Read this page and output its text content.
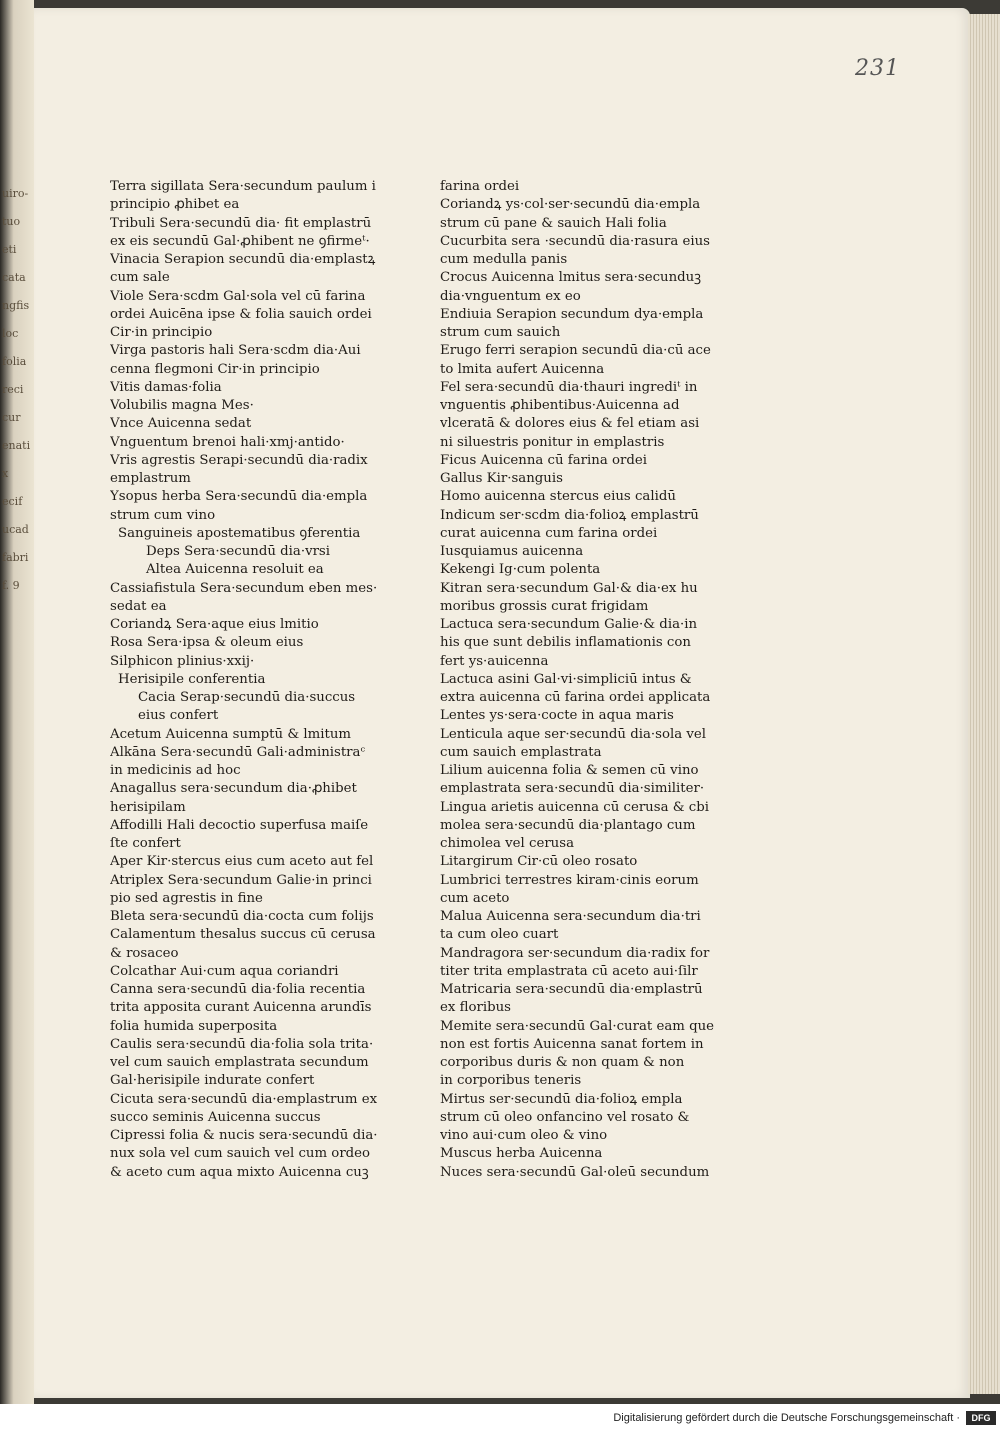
uiro-
tuo
eti
cata
ngfis
loc
folia
reci
cur
enati
x
ecif
ucad
fabri
f. 9
231
Terra sigillata Sera·secundum paulum i
principio ꝓhibet ea
Tribuli Sera·secundū dia· fit emplastrū
ex eis secundū Gal·ꝓhibent ne ꝯfirmeᵗ·
Vinacia Serapion secundū dia·emplastꝝ
cum sale
Viole Sera·scd̄m Gal·sola vel cū farina
ordei Auicēna ipse & folia sauich ordei
Cir·in principio
Virga pastoris hali Sera·scd̄m dia·Aui
cenna flegmoni Cir·in principio
Vitis damas·folia
Volubilis magna Mes·
Vnce Auicenna sedat
Vnguentum brenoi hali·xmj·antido·
Vris agrestis Serapi·secundū dia·radix
emplastrum
Ysopus herba Sera·secundū dia·empla
strum cum vino
Sanguineis apostematibus ꝯferentia
Deps Sera·secundū dia·vrsi
Altea Auicenna resoluit ea
Cassiafistula Sera·secundum eben mes·
sedat ea
Coriandꝝ Sera·aque eius lmitio
Rosa Sera·ipsa & oleum eius
Silphicon plinius·xxij·
Herisipile conferentia
Cacia Serap·secundū dia·succus
eius confert
Acetum Auicenna sumptū & lmitum
Alkāna Sera·secundū Gali·administraᶜ
in medicinis ad hoc
Anagallus sera·secundum dia·ꝓhibet
herisipilam
Affodilli Hali decoctio superfusa maiſe
ſte confert
Aper Kir·stercus eius cum aceto aut fel
Atriplex Sera·secundum Galie·in princi
pio sed agrestis in fine
Bleta sera·secundū dia·cocta cum folijs
Calamentum thesalus succus cū cerusa
& rosaceo
Colcathar Aui·cum aqua coriandri
Canna sera·secundū dia·folia recentia
trita apposita curant Auicenna arundīs
folia humida superposita
Caulis sera·secundū dia·folia sola trita·
vel cum sauich emplastrata secundum
Gal·herisipile indurate confert
Cicuta sera·secundū dia·emplastrum ex
succo seminis Auicenna succus
Cipressi folia & nucis sera·secundū dia·
nux sola vel cum sauich vel cum ordeo
& aceto cum aqua mixto Auicenna cuꝫ
farina ordei
Coriandꝝ ys·col·ser·secundū dia·empla
strum cū pane & sauich Hali folia
Cucurbita sera ·secundū dia·rasura eius
cum medulla panis
Crocus Auicenna lmitus sera·secunduꝫ
dia·vnguentum ex eo
Endiuia Serapion secundum dya·empla
strum cum sauich
Erugo ferri serapion secundū dia·cū ace
to lmita aufert Auicenna
Fel sera·secundū dia·thauri ingrediᵗ in
vnguentis ꝓhibentibus·Auicenna ad
vlceratā & dolores eius & fel etiam asi
ni siluestris ponitur in emplastris
Ficus Auicenna cū farina ordei
Gallus Kir·sanguis
Homo auicenna stercus eius calidū
Indicum ser·scd̄m dia·folioꝝ emplastrū
curat auicenna cum farina ordei
Iusquiamus auicenna
Kekengi Ig·cum polenta
Kitran sera·secundum Gal·& dia·ex hu
moribus grossis curat frigidam
Lactuca sera·secundum Galie·& dia·in
his que sunt debilis inflamationis con
fert ys·auicenna
Lactuca asini Gal·vi·simpliciū intus &
extra auicenna cū farina ordei applicata
Lentes ys·sera·cocte in aqua maris
Lenticula aque ser·secundū dia·sola vel
cum sauich emplastrata
Lilium auicenna folia & semen cū vino
emplastrata sera·secundū dia·similiter·
Lingua arietis auicenna cū cerusa & cbi
molea sera·secundū dia·plantago cum
chimolea vel cerusa
Litargirum Cir·cū oleo rosato
Lumbrici terrestres kiram·cinis eorum
cum aceto
Malua Auicenna sera·secundum dia·tri
ta cum oleo cuart
Mandragora ser·secundum dia·radix for
titer trita emplastrata cū aceto aui·ſilr
Matricaria sera·secundū dia·emplastrū
ex floribus
Memite sera·secundū Gal·curat eam que
non est fortis Auicenna sanat fortem in
corporibus duris & non quam & non
in corporibus teneris
Mirtus ser·secundū dia·folioꝝ empla
strum cū oleo onfancino vel rosato &
vino aui·cum oleo & vino
Muscus herba Auicenna
Nuces sera·secundū Gal·oleū secundum
Digitalisierung gefördert durch die Deutsche Forschungsgemeinschaft ·	DFG
